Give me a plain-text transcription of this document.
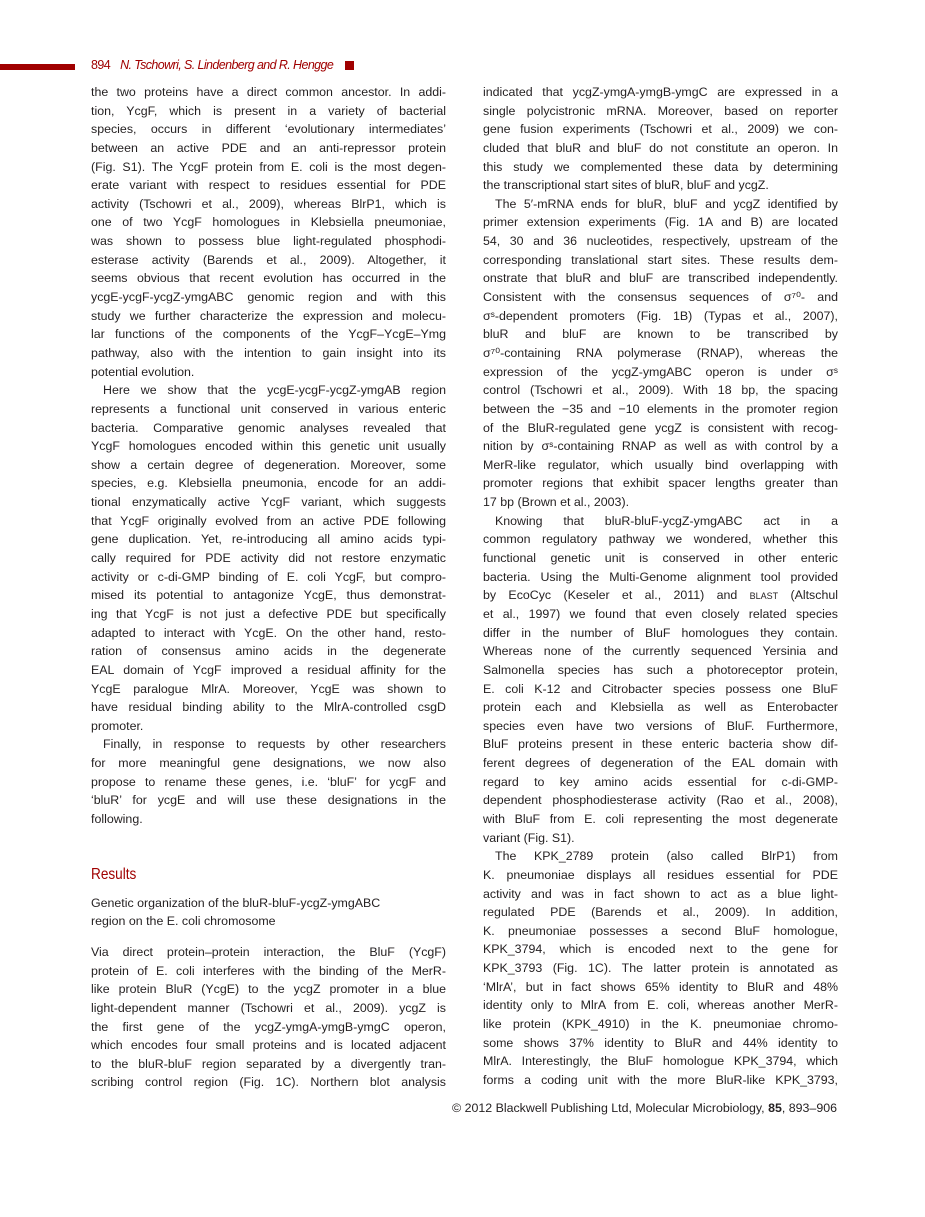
894 N. Tschowri, S. Lindenberg and R. Hengge
the two proteins have a direct common ancestor. In addi-
tion, YcgF, which is present in a variety of bacterial
species, occurs in different ‘evolutionary intermediates’
between an active PDE and an anti-repressor protein
(Fig. S1). The YcgF protein from E. coli is the most degen-
erate variant with respect to residues essential for PDE
activity (Tschowri et al., 2009), whereas BlrP1, which is
one of two YcgF homologues in Klebsiella pneumoniae,
was shown to possess blue light-regulated phosphodi-
esterase activity (Barends et al., 2009). Altogether, it
seems obvious that recent evolution has occurred in the
ycgE-ycgF-ycgZ-ymgABC genomic region and with this
study we further characterize the expression and molecu-
lar functions of the components of the YcgF–YcgE–Ymg
pathway, also with the intention to gain insight into its
potential evolution.
Here we show that the ycgE-ycgF-ycgZ-ymgAB region
represents a functional unit conserved in various enteric
bacteria. Comparative genomic analyses revealed that
YcgF homologues encoded within this genetic unit usually
show a certain degree of degeneration. Moreover, some
species, e.g. Klebsiella pneumonia, encode for an addi-
tional enzymatically active YcgF variant, which suggests
that YcgF originally evolved from an active PDE following
gene duplication. Yet, re-introducing all amino acids typi-
cally required for PDE activity did not restore enzymatic
activity or c-di-GMP binding of E. coli YcgF, but compro-
mised its potential to antagonize YcgE, thus demonstrat-
ing that YcgF is not just a defective PDE but specifically
adapted to interact with YcgE. On the other hand, resto-
ration of consensus amino acids in the degenerate
EAL domain of YcgF improved a residual affinity for the
YcgE paralogue MlrA. Moreover, YcgE was shown to
have residual binding ability to the MlrA-controlled csgD
promoter.
Finally, in response to requests by other researchers
for more meaningful gene designations, we now also
propose to rename these genes, i.e. ‘bluF’ for ycgF and
‘bluR’ for ycgE and will use these designations in the
following.
Results
Genetic organization of the bluR-bluF-ycgZ-ymgABC
region on the E. coli chromosome
Via direct protein–protein interaction, the BluF (YcgF)
protein of E. coli interferes with the binding of the MerR-
like protein BluR (YcgE) to the ycgZ promoter in a blue
light-dependent manner (Tschowri et al., 2009). ycgZ is
the first gene of the ycgZ-ymgA-ymgB-ymgC operon,
which encodes four small proteins and is located adjacent
to the bluR-bluF region separated by a divergently tran-
scribing control region (Fig. 1C). Northern blot analysis
indicated that ycgZ-ymgA-ymgB-ymgC are expressed in a
single polycistronic mRNA. Moreover, based on reporter
gene fusion experiments (Tschowri et al., 2009) we con-
cluded that bluR and bluF do not constitute an operon. In
this study we complemented these data by determining
the transcriptional start sites of bluR, bluF and ycgZ.
The 5′-mRNA ends for bluR, bluF and ycgZ identified by
primer extension experiments (Fig. 1A and B) are located
54, 30 and 36 nucleotides, respectively, upstream of the
corresponding translational start sites. These results dem-
onstrate that bluR and bluF are transcribed independently.
Consistent with the consensus sequences of σ⁷⁰- and
σˢ-dependent promoters (Fig. 1B) (Typas et al., 2007),
bluR and bluF are known to be transcribed by
σ⁷⁰-containing RNA polymerase (RNAP), whereas the
expression of the ycgZ-ymgABC operon is under σˢ
control (Tschowri et al., 2009). With 18 bp, the spacing
between the −35 and −10 elements in the promoter region
of the BluR-regulated gene ycgZ is consistent with recog-
nition by σˢ-containing RNAP as well as with control by a
MerR-like regulator, which usually bind overlapping with
promoter regions that exhibit spacer lengths greater than
17 bp (Brown et al., 2003).
Knowing that bluR-bluF-ycgZ-ymgABC act in a
common regulatory pathway we wondered, whether this
functional genetic unit is conserved in other enteric
bacteria. Using the Multi-Genome alignment tool provided
by EcoCyc (Keseler et al., 2011) and blast (Altschul
et al., 1997) we found that even closely related species
differ in the number of BluF homologues they contain.
Whereas none of the currently sequenced Yersinia and
Salmonella species has such a photoreceptor protein,
E. coli K-12 and Citrobacter species possess one BluF
protein each and Klebsiella as well as Enterobacter
species even have two versions of BluF. Furthermore,
BluF proteins present in these enteric bacteria show dif-
ferent degrees of degeneration of the EAL domain with
regard to key amino acids essential for c-di-GMP-
dependent phosphodiesterase activity (Rao et al., 2008),
with BluF from E. coli representing the most degenerate
variant (Fig. S1).
The KPK_2789 protein (also called BlrP1) from
K. pneumoniae displays all residues essential for PDE
activity and was in fact shown to act as a blue light-
regulated PDE (Barends et al., 2009). In addition,
K. pneumoniae possesses a second BluF homologue,
KPK_3794, which is encoded next to the gene for
KPK_3793 (Fig. 1C). The latter protein is annotated as
‘MlrA’, but in fact shows 65% identity to BluR and 48%
identity only to MlrA from E. coli, whereas another MerR-
like protein (KPK_4910) in the K. pneumoniae chromo-
some shows 37% identity to BluR and 44% identity to
MlrA. Interestingly, the BluF homologue KPK_3794, which
forms a coding unit with the more BluR-like KPK_3793,
© 2012 Blackwell Publishing Ltd, Molecular Microbiology, 85, 893–906
